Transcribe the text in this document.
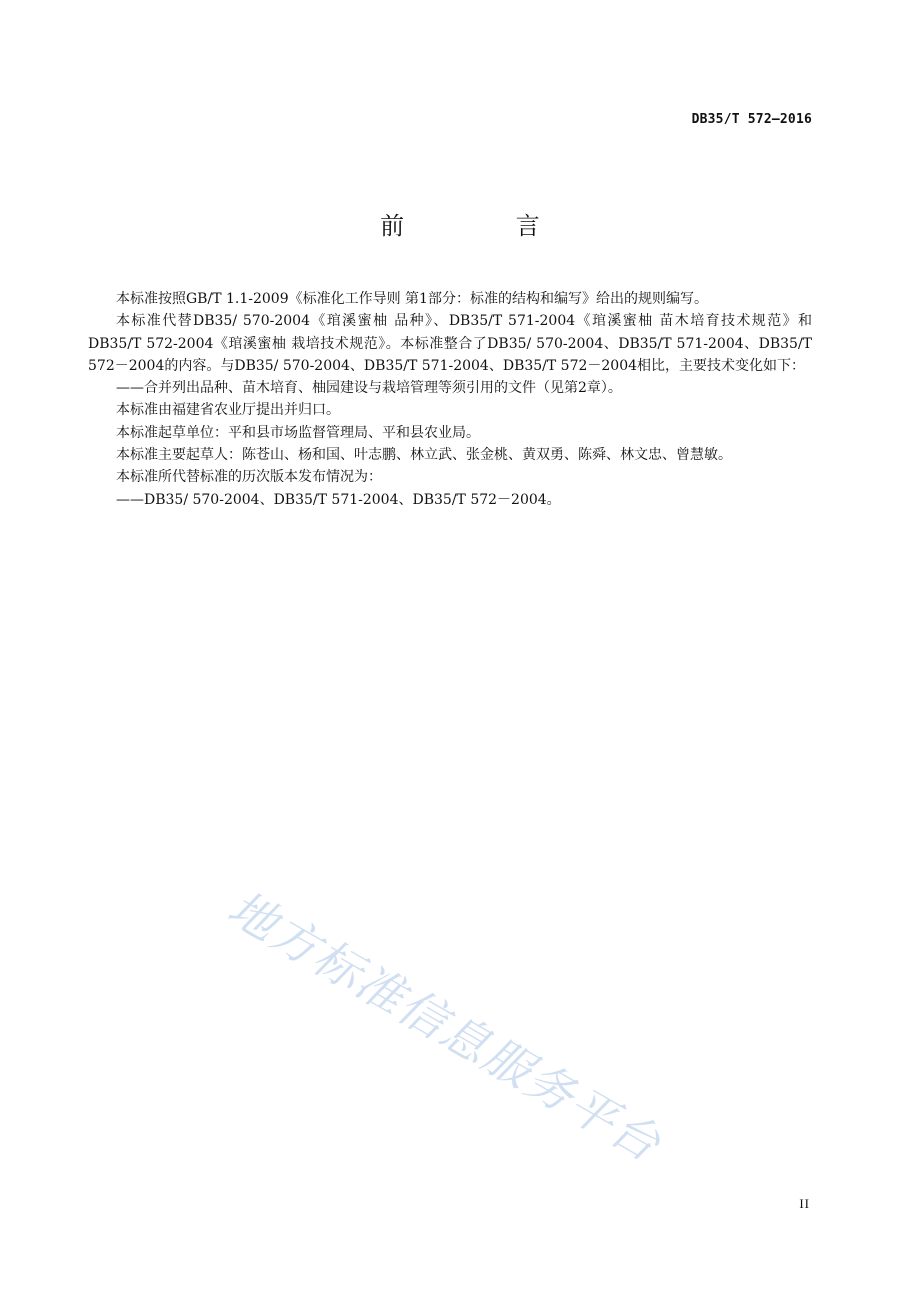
DB35/T 572—2016
前 言

本标准按照GB/T 1.1-2009《标准化工作导则 第1部分：标准的结构和编写》给出的规则编写。

本标准代替DB35/ 570-2004《琯溪蜜柚 品种》、DB35/T 571-2004《琯溪蜜柚 苗木培育技术规范》和DB35/T 572-2004《琯溪蜜柚 栽培技术规范》。本标准整合了DB35/ 570-2004、DB35/T 571-2004、DB35/T 572－2004的内容。与DB35/ 570-2004、DB35/T 571-2004、DB35/T 572－2004相比，主要技术变化如下：

——合并列出品种、苗木培育、柚园建设与栽培管理等须引用的文件（见第2章）。

本标准由福建省农业厅提出并归口。

本标准起草单位：平和县市场监督管理局、平和县农业局。

本标准主要起草人：陈苍山、杨和国、叶志鹏、林立武、张金桃、黄双勇、陈舜、林文忠、曾慧敏。

本标准所代替标准的历次版本发布情况为：

——DB35/ 570-2004、DB35/T 571-2004、DB35/T 572－2004。

地方标准信息服务平台
II
